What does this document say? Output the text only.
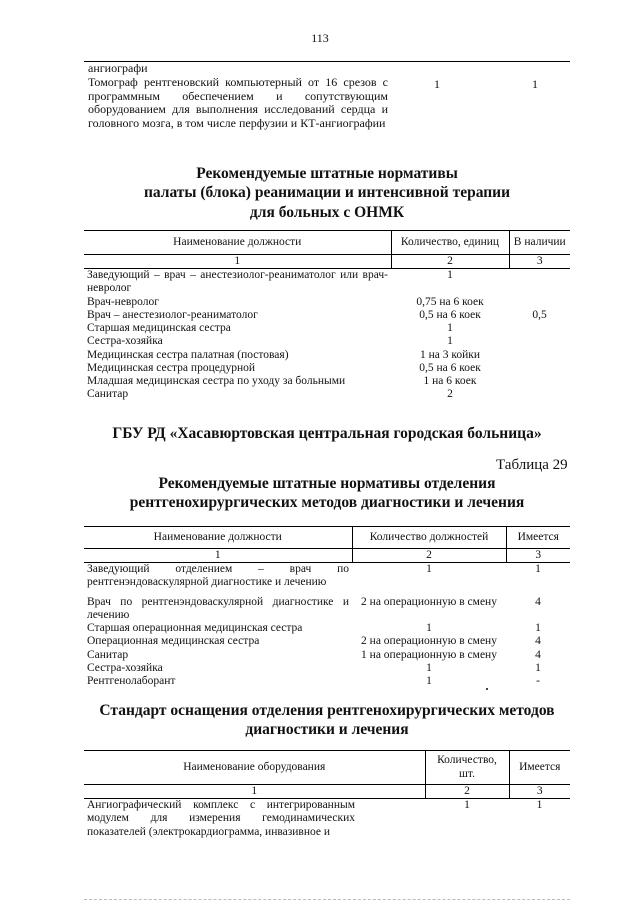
113
ангиографи
Томограф рентгеновский компьютерный от 16 срезов с программным обеспечением и сопутствующим оборудованием для выполнения исследований сердца и головного мозга, в том числе перфузии и КТ-ангиографии
1	1
Рекомендуемые штатные нормативы
палаты (блока) реанимации и интенсивной терапии
для больных с ОНМК
Наименование должности	Количество, единиц	В наличии
1	2	3
Заведующий – врач – анестезиолог-реаниматолог или врач-невролог	1	
Врач-невролог	0,75 на 6 коек	
Врач – анестезиолог-реаниматолог	0,5 на 6 коек	0,5
Старшая медицинская сестра	1	
Сестра-хозяйка	1	
Медицинская сестра палатная (постовая)	1 на 3 койки	
Медицинская сестра процедурной	0,5 на 6 коек	
Младшая медицинская сестра по уходу за больными	1 на 6 коек	
Санитар	2	
ГБУ РД «Хасавюртовская центральная городская больница»
Таблица 29
Рекомендуемые штатные нормативы отделения
рентгенохирургических методов диагностики и лечения
Наименование должности	Количество должностей	Имеется
1	2	3
Заведующий отделением – врач по рентгенэндоваскулярной диагностике и лечению	1	1
Врач по рентгенэндоваскулярной диагностике и лечению	2 на операционную в смену	4
Старшая операционная медицинская сестра	1	1
Операционная медицинская сестра	2 на операционную в смену	4
Санитар	1 на операционную в смену	4
Сестра-хозяйка	1	1
Рентгенолаборант	1	-
Стандарт оснащения отделения рентгенохирургических методов
диагностики и лечения
Наименование оборудования	Количество, шт.	Имеется
1	2	3
Ангиографический комплекс с интегрированным модулем для измерения гемодинамических показателей (электрокардиограмма, инвазивное и	1	1
